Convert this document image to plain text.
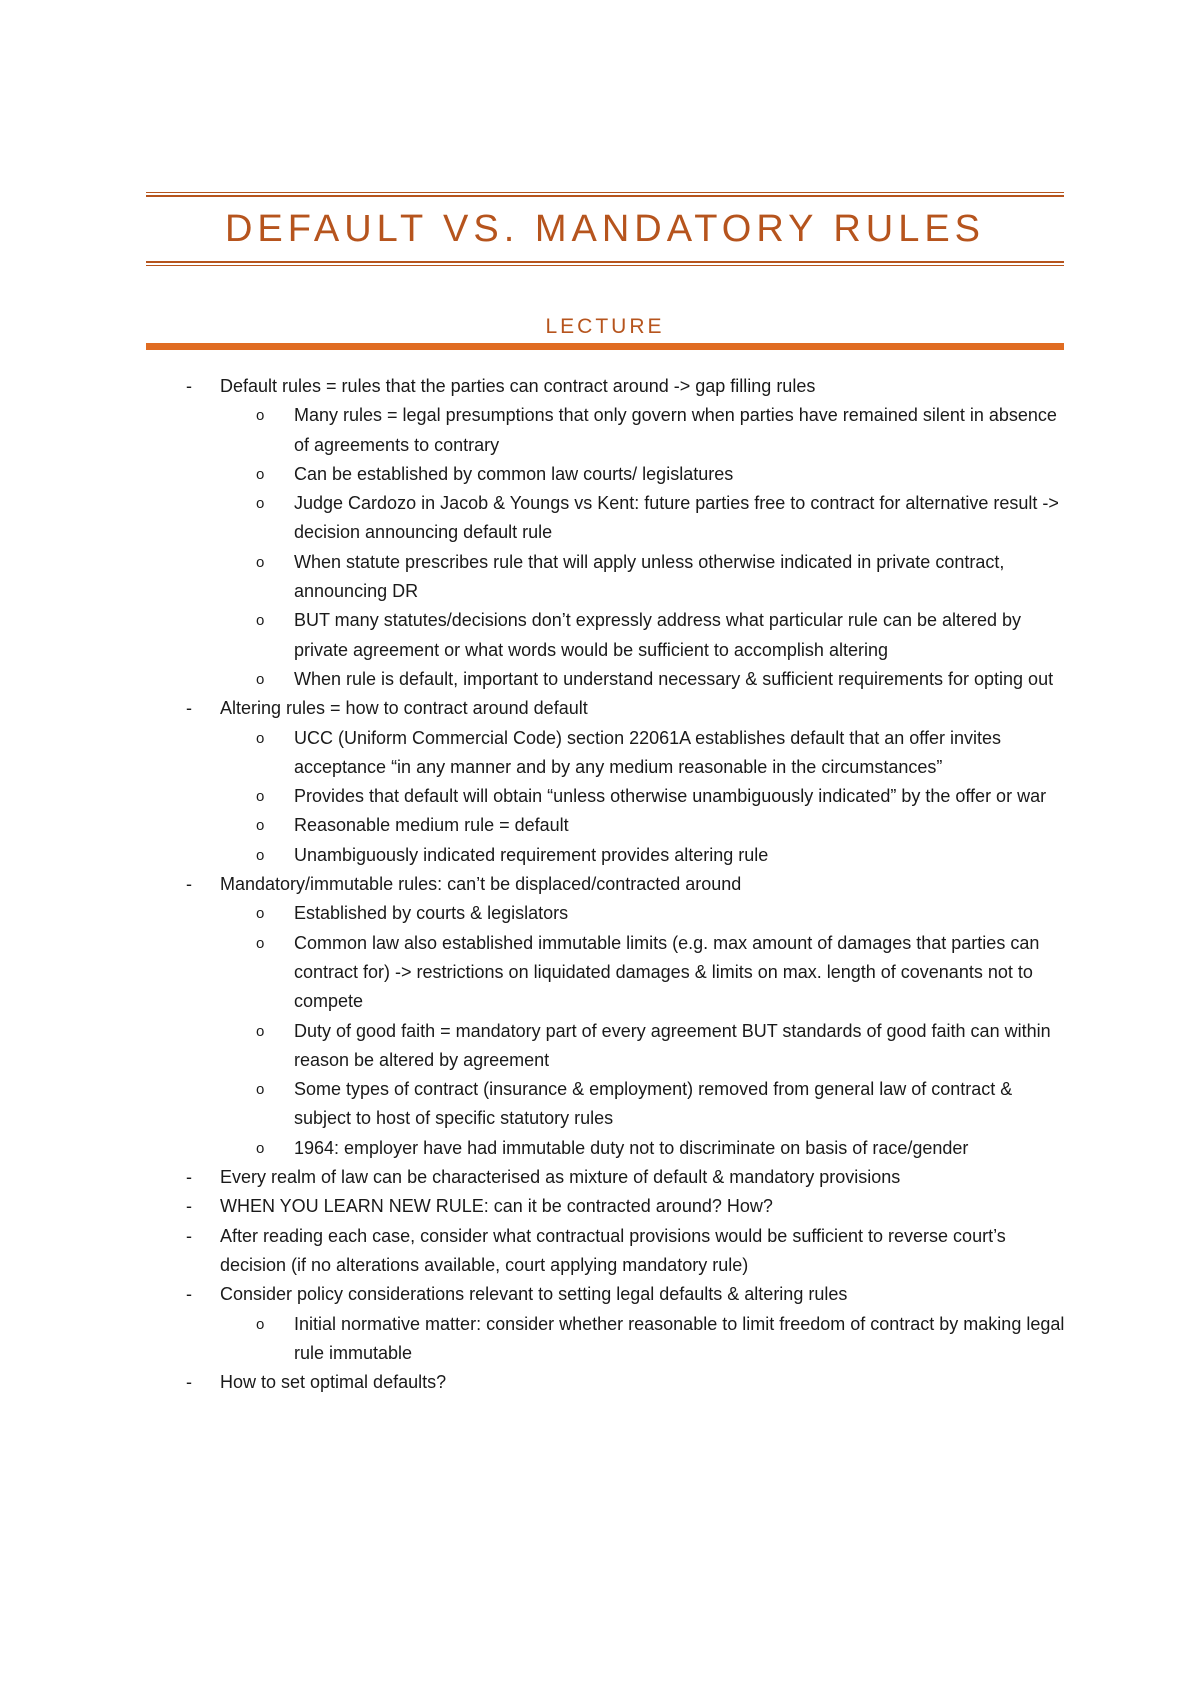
DEFAULT VS. MANDATORY RULES
LECTURE
- Default rules = rules that the parties can contract around -> gap filling rules
o Many rules = legal presumptions that only govern when parties have remained silent in absence of agreements to contrary
o Can be established by common law courts/ legislatures
o Judge Cardozo in Jacob & Youngs vs Kent: future parties free to contract for alternative result -> decision announcing default rule
o When statute prescribes rule that will apply unless otherwise indicated in private contract, announcing DR
o BUT many statutes/decisions don’t expressly address what particular rule can be altered by private agreement or what words would be sufficient to accomplish altering
o When rule is default, important to understand necessary & sufficient requirements for opting out
- Altering rules = how to contract around default
o UCC (Uniform Commercial Code) section 22061A establishes default that an offer invites acceptance “in any manner and by any medium reasonable in the circumstances”
o Provides that default will obtain “unless otherwise unambiguously indicated” by the offer or war
o Reasonable medium rule = default
o Unambiguously indicated requirement provides altering rule
- Mandatory/immutable rules: can’t be displaced/contracted around
o Established by courts & legislators
o Common law also established immutable limits (e.g. max amount of damages that parties can contract for) -> restrictions on liquidated damages & limits on max. length of covenants not to compete
o Duty of good faith = mandatory part of every agreement BUT standards of good faith can within reason be altered by agreement
o Some types of contract (insurance & employment) removed from general law of contract & subject to host of specific statutory rules
o 1964: employer have had immutable duty not to discriminate on basis of race/gender
- Every realm of law can be characterised as mixture of default & mandatory provisions
- WHEN YOU LEARN NEW RULE: can it be contracted around? How?
- After reading each case, consider what contractual provisions would be sufficient to reverse court’s decision (if no alterations available, court applying mandatory rule)
- Consider policy considerations relevant to setting legal defaults & altering rules
o Initial normative matter: consider whether reasonable to limit freedom of contract by making legal rule immutable
- How to set optimal defaults?
